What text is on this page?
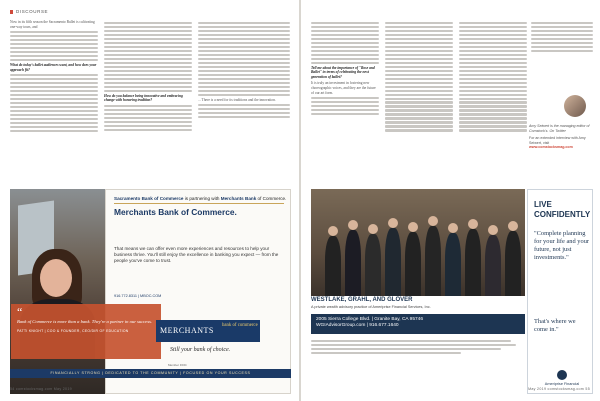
DISCOURSE

Now in its fifth season the Sacramento Ballet is cultivating one-way tours, and

What do today's ballet audiences want, and how does your approach fit?

How do you balance being innovative and embracing change with honoring tradition?	... There is a need for its traditions and the innovation.

Sacramento Bank of Commerce is partnering with Merchants Bank of Commerce.
Merchants Bank of Commerce.
That means we can offer even more experiences and resources to help your business thrive. You'll still enjoy the excellence in banking you expect — from the people you've come to trust.
916.772.8311 | MBOC.COM
“
Bank of Commerce is more than a bank. They're a partner in our success.
PATTI KNIGHT | COO & FOUNDER, CEO/DIR OF EDUCATION	MERCHANTS
bank of commerce
Still your bank of choice.
Member FDIC
FINANCIALLY STRONG | DEDICATED TO THE COMMUNITY | FOCUSED ON YOUR SUCCESS
54 comstocksmag.com May 2019

Tell me about the importance of "Rose and Ballet" in terms of celebrating the next generation of ballet?

It is truly an investment in fostering new choreographic voices, and they are the future of our art form.

Amy Seiwert is the managing editor of Comstock's. On Twitter

For an extended interview with Amy Seiwert, visit

www.comstocksmag.com

WESTLAKE, GRAHL, AND GLOVER
A private wealth advisory practice of Ameriprise Financial Services, Inc.
2005 Sierra College Blvd. | Granite Bay, CA 95746
WGIAdvisorGroup.com | 916.677.1640
LIVE
CONFIDENTLY
"Complete planning for your life and your future, not just investments."
That's where we come in."
Ameriprise Financial
May 2019 comstocksmag.com 55
